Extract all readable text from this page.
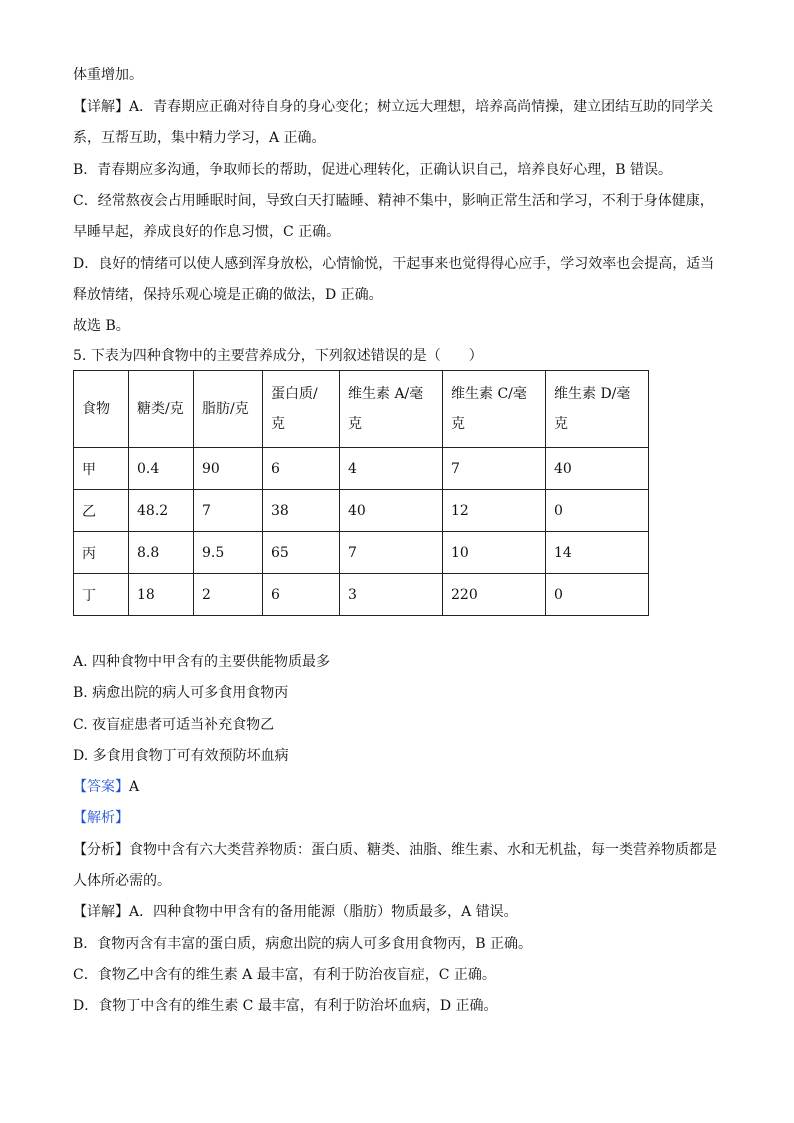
体重增加。
【详解】A．青春期应正确对待自身的身心变化；树立远大理想，培养高尚情操，建立团结互助的同学关
系，互帮互助，集中精力学习，A 正确。
B．青春期应多沟通，争取师长的帮助，促进心理转化，正确认识自己，培养良好心理，B 错误。
C．经常熬夜会占用睡眠时间，导致白天打瞌睡、精神不集中，影响正常生活和学习，不利于身体健康，
早睡早起，养成良好的作息习惯，C 正确。
D．良好的情绪可以使人感到浑身放松，心情愉悦，干起事来也觉得得心应手，学习效率也会提高，适当
释放情绪，保持乐观心境是正确的做法，D 正确。
故选 B。
5. 下表为四种食物中的主要营养成分，下列叙述错误的是（　　）
食物	糖类/克	脂肪/克	蛋白质/克	维生素 A/毫克	维生素 C/毫克	维生素 D/毫克
甲	0.4	90	6	4	7	40
乙	48.2	7	38	40	12	0
丙	8.8	9.5	65	7	10	14
丁	18	2	6	3	220	0
A. 四种食物中甲含有的主要供能物质最多
B. 病愈出院的病人可多食用食物丙
C. 夜盲症患者可适当补充食物乙
D. 多食用食物丁可有效预防坏血病
【答案】A
【解析】
【分析】食物中含有六大类营养物质：蛋白质、糖类、油脂、维生素、水和无机盐，每一类营养物质都是
人体所必需的。
【详解】A．四种食物中甲含有的备用能源（脂肪）物质最多，A 错误。
B．食物丙含有丰富的蛋白质，病愈出院的病人可多食用食物丙，B 正确。
C．食物乙中含有的维生素 A 最丰富，有利于防治夜盲症，C 正确。
D．食物丁中含有的维生素 C 最丰富，有利于防治坏血病，D 正确。
